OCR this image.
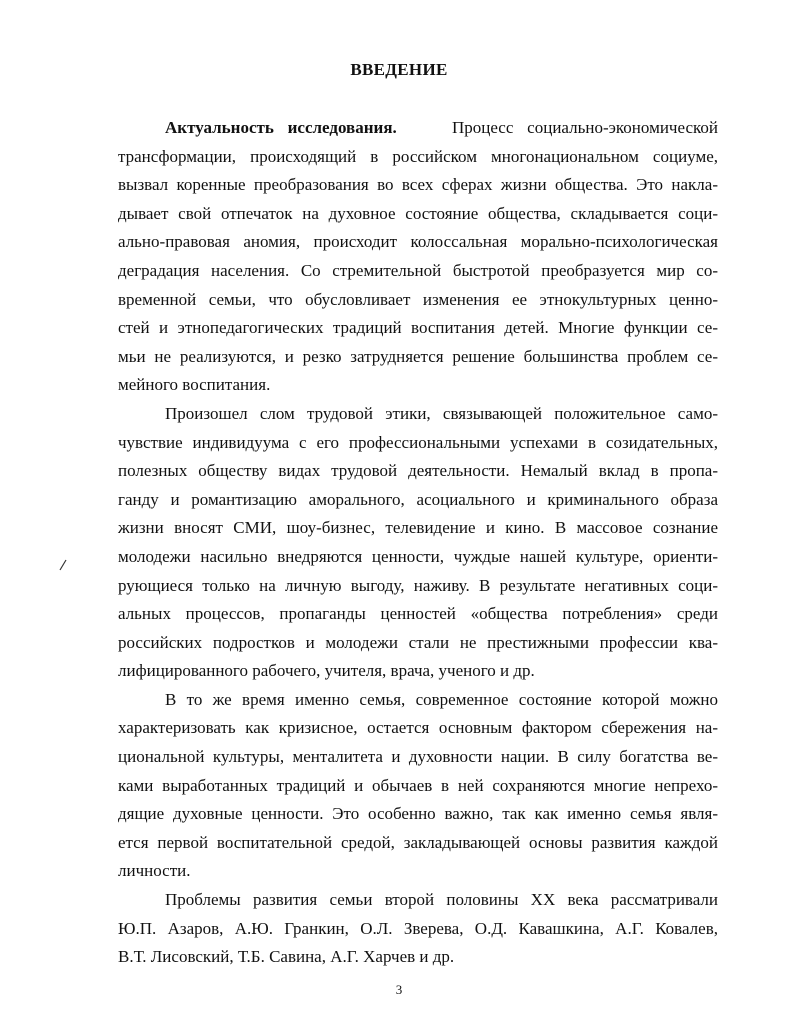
ВВЕДЕНИЕ
Актуальность исследования.	Процесс социально-экономической
трансформации, происходящий в российском многонациональном социуме,
вызвал коренные преобразования во всех сферах жизни общества. Это накла-
дывает свой отпечаток на духовное состояние общества, складывается соци-
ально-правовая аномия, происходит колоссальная морально-психологическая
деградация населения. Со стремительной быстротой преобразуется мир со-
временной семьи, что обусловливает изменения ее этнокультурных ценно-
стей и этнопедагогических традиций воспитания детей. Многие функции се-
мьи не реализуются, и резко затрудняется решение большинства проблем се-
мейного воспитания.
Произошел слом трудовой этики, связывающей положительное само-
чувствие индивидуума с его профессиональными успехами в созидательных,
полезных обществу видах трудовой деятельности. Немалый вклад в пропа-
ганду и романтизацию аморального, асоциального и криминального образа
жизни вносят СМИ, шоу-бизнес, телевидение и кино. В массовое сознание
молодежи насильно внедряются ценности, чуждые нашей культуре, ориенти-
рующиеся только на личную выгоду, наживу. В результате негативных соци-
альных процессов, пропаганды ценностей «общества потребления» среди
российских подростков и молодежи стали не престижными профессии ква-
лифицированного рабочего, учителя, врача, ученого и др.
В то же время именно семья, современное состояние которой можно
характеризовать как кризисное, остается основным фактором сбережения на-
циональной культуры, менталитета и духовности нации. В силу богатства ве-
ками выработанных традиций и обычаев в ней сохраняются многие непрехо-
дящие духовные ценности. Это особенно важно, так как именно семья явля-
ется первой воспитательной средой, закладывающей основы развития каждой
личности.
Проблемы развития семьи второй половины XX века рассматривали
Ю.П. Азаров, А.Ю. Гранкин, О.Л. Зверева, О.Д. Кавашкина, А.Г. Ковалев,
В.Т. Лисовский, Т.Б. Савина, А.Г. Харчев и др.
3
